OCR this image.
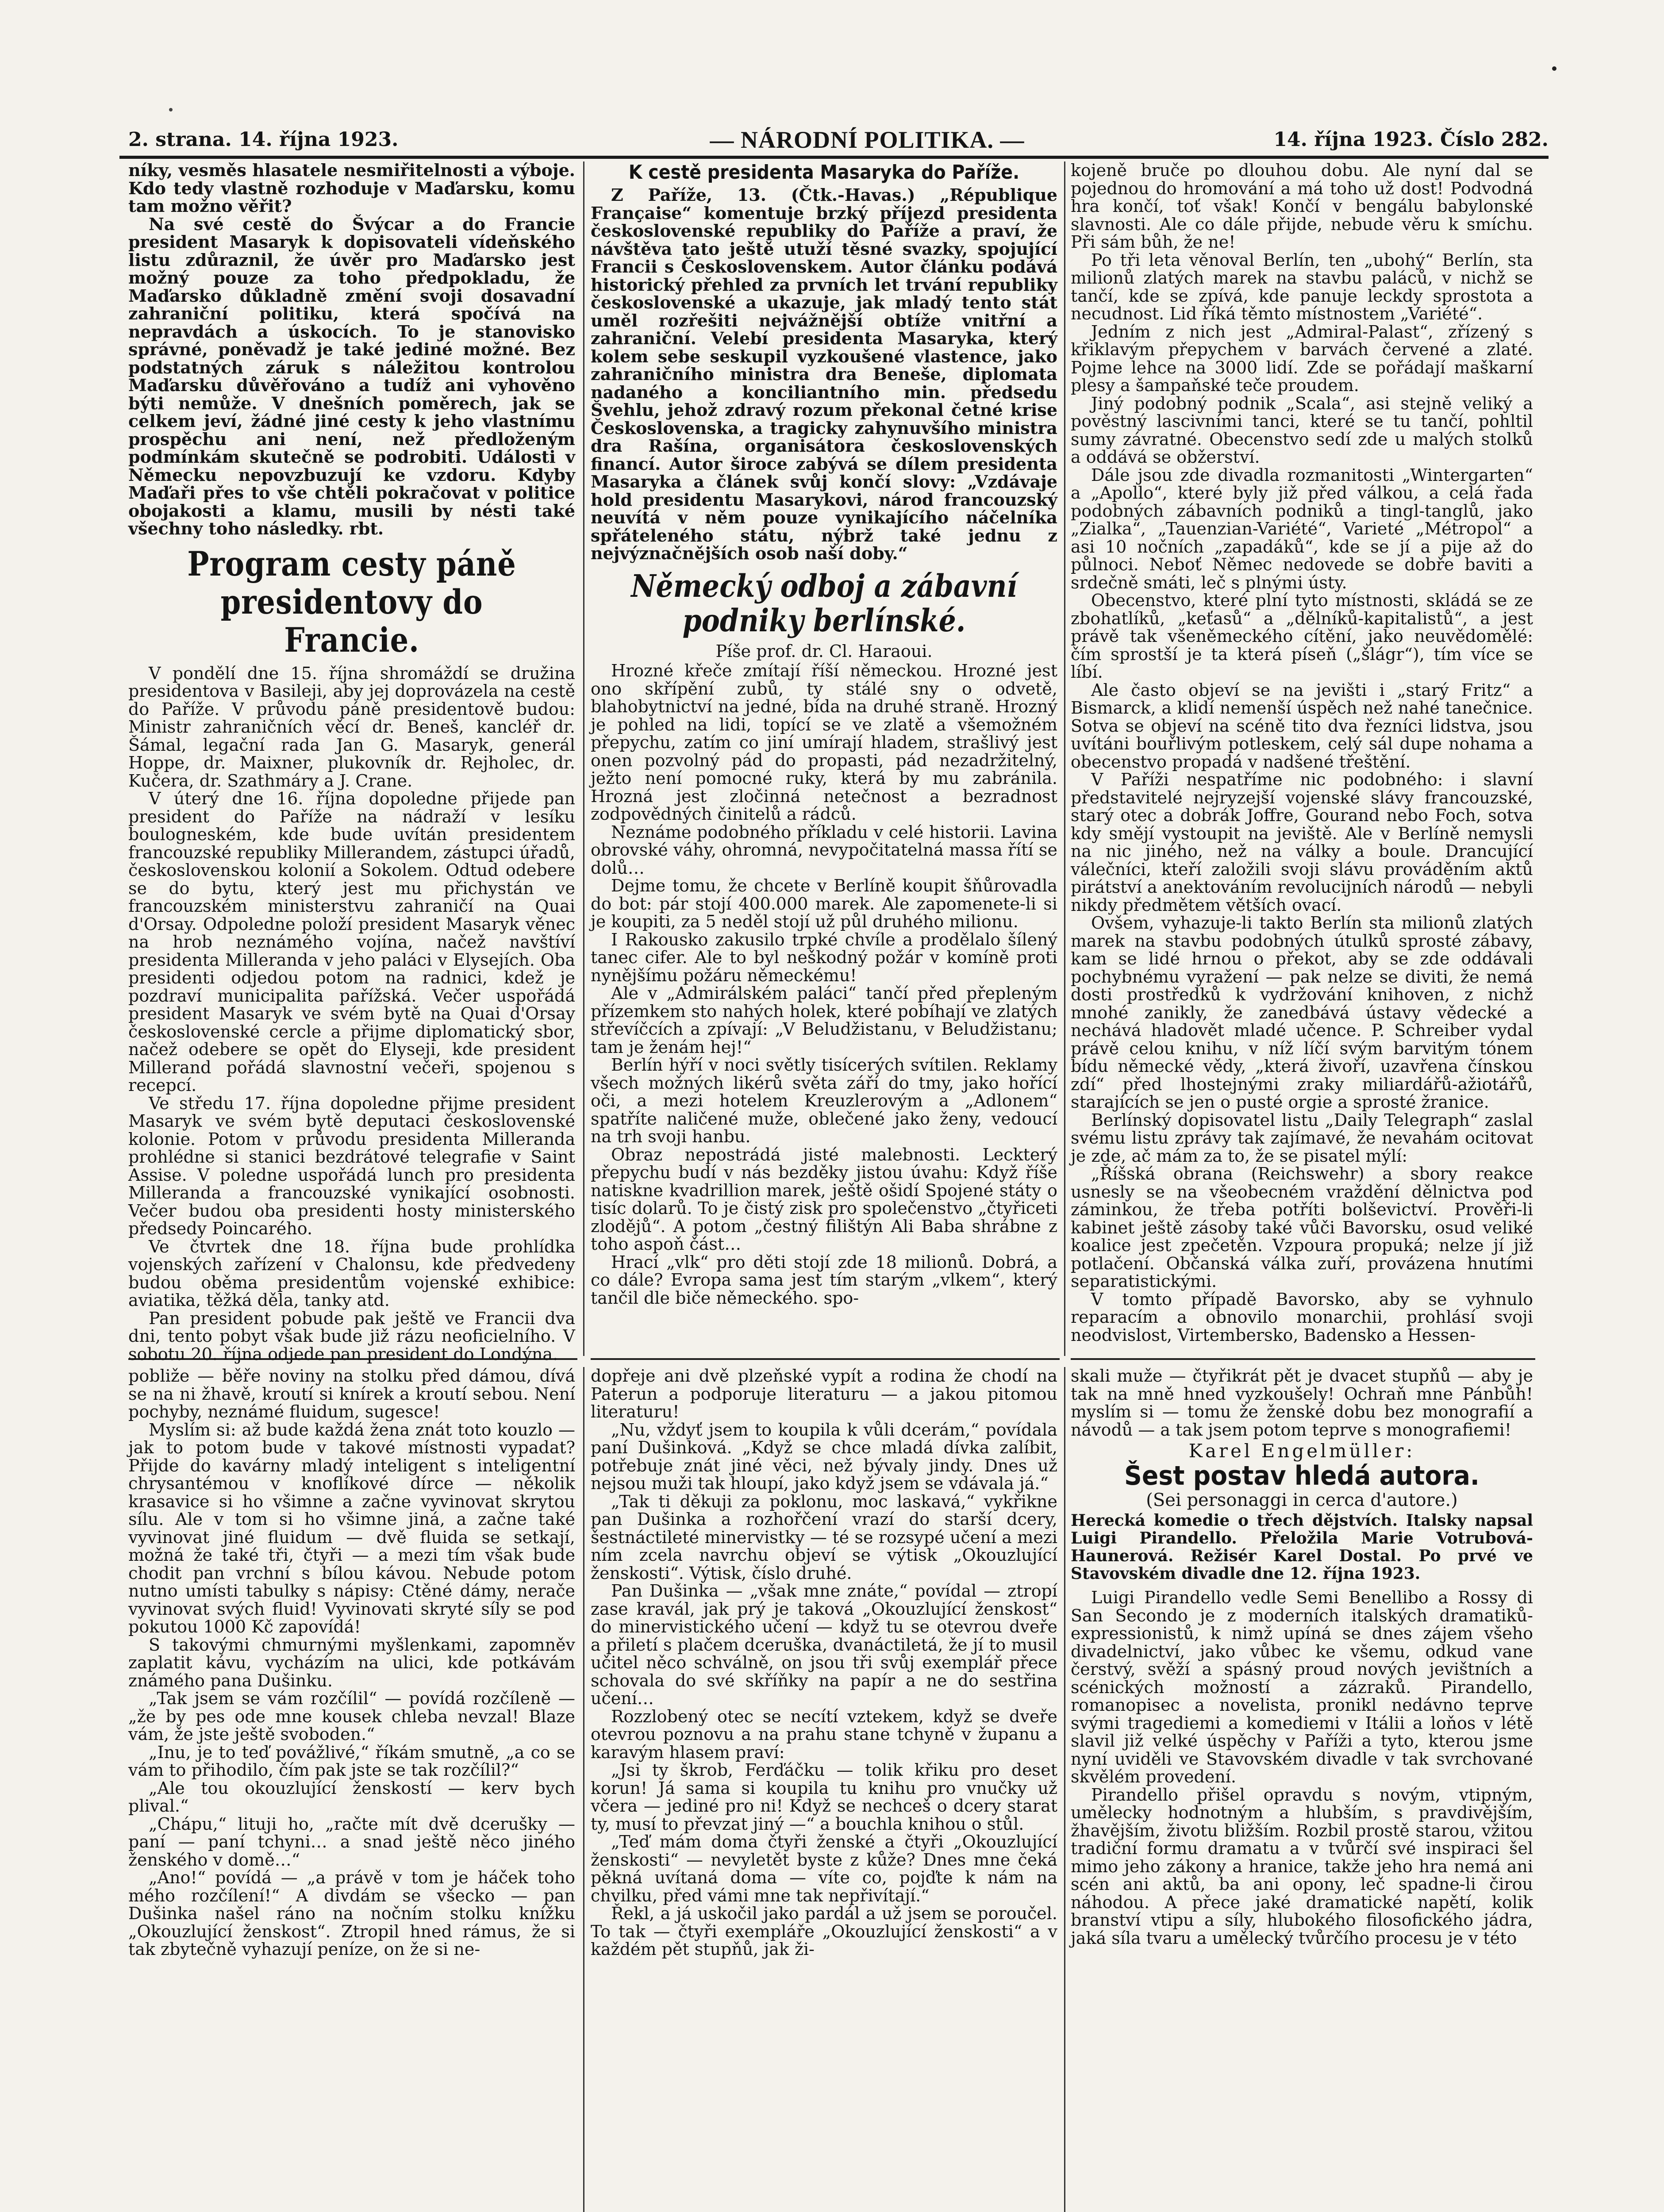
2. strana. 14. října 1923.	— NÁRODNÍ POLITIKA. —	14. října 1923. Číslo 282.

níky, vesměs hlasatele nesmiřitelnosti a výboje. Kdo tedy vlastně rozhoduje v Maďarsku, komu tam možno věřit?

Na své cestě do Švýcar a do Francie president Masaryk k dopisovateli vídeňského listu zdůraznil, že úvěr pro Maďarsko jest možný pouze za toho předpokladu, že Maďarsko důkladně změní svoji dosavadní zahraniční politiku, která spočívá na nepravdách a úskocích. To je stanovisko správné, poněvadž je také jediné možné. Bez podstatných záruk s náležitou kontrolou Maďarsku důvěřováno a tudíž ani vyhověno býti nemůže. V dnešních poměrech, jak se celkem jeví, žádné jiné cesty k jeho vlastnímu prospěchu ani není, než předloženým podmínkám skutečně se podrobiti. Události v Německu nepovzbuzují ke vzdoru. Kdyby Maďaři přes to vše chtěli pokračovat v politice obojakosti a klamu, musili by nésti také všechny toho následky. rbt.

Program cesty páně presidentovy do Francie.

V pondělí dne 15. října shromáždí se družina presidentova v Basileji, aby jej doprovázela na cestě do Paříže. V průvodu páně presidentově budou: Ministr zahraničních věcí dr. Beneš, kancléř dr. Šámal, legační rada Jan G. Masaryk, generál Hoppe, dr. Maixner, plukovník dr. Rejholec, dr. Kučera, dr. Szathmáry a J. Crane.

V úterý dne 16. října dopoledne přijede pan president do Paříže na nádraží v lesíku boulogneském, kde bude uvítán presidentem francouzské republiky Millerandem, zástupci úřadů, československou kolonií a Sokolem. Odtud odebere se do bytu, který jest mu přichystán ve francouzském ministerstvu zahraničí na Quai d'Orsay. Odpoledne položí president Masaryk věnec na hrob neznámého vojína, načež navštíví presidenta Millerandа v jeho paláci v Elysejích. Oba presidenti odjedou potom na radnici, kdež je pozdraví municipalita pařížská. Večer uspořádá president Masaryk ve svém bytě na Quai d'Orsay československé cercle a přijme diplomatický sbor, načež odebere se opět do Elyseji, kde president Millerand pořádá slavnostní večeři, spojenou s recepcí.

Ve středu 17. října dopoledne přijme president Masaryk ve svém bytě deputaci československé kolonie. Potom v průvodu presidenta Milleranda prohlédne si stanici bezdrátové telegrafie v Saint Assise. V poledne uspořádá lunch pro presidenta Milleranda a francouzské vynikající osobnosti. Večer budou oba presidenti hosty ministerského předsedy Poincarého.

Ve čtvrtek dne 18. října bude prohlídka vojenských zařízení v Chalonsu, kde předvedeny budou oběma presidentům vojenské exhibice: aviatika, těžká děla, tanky atd.

Pan president pobude pak ještě ve Francii dva dni, tento pobyt však bude již rázu neoficielního. V sobotu 20. října odjede pan president do Londýna.

K cestě presidenta Masaryka do Paříže.

Z Paříže, 13. (Čtk.-Havas.) „République Française“ komentuje brzký příjezd presidenta československé republiky do Paříže a praví, že návštěva tato ještě utuží těsné svazky, spojující Francii s Československem. Autor článku podává historický přehled za prvních let trvání republiky československé a ukazuje, jak mladý tento stát uměl rozřešiti nejvážnější obtíže vnitřní a zahraniční. Velebí presidenta Masaryka, který kolem sebe seskupil vyzkoušené vlastence, jako zahraničního ministra dra Beneše, diplomata nadaného a konciliantního min. předsedu Švehlu, jehož zdravý rozum překonal četné krise Československa, a tragicky zahynuvšího ministra dra Rašína, organisátora československých financí. Autor široce zabývá se dílem presidenta Masaryka a článek svůj končí slovy: „Vzdávaje hold presidentu Masarykovi, národ francouzský neuvítá v něm pouze vynikajícího náčelníka spřáteleného státu, nýbrž také jednu z nejvýznačnějších osob naší doby.“

Německý odboj a zábavní podniky berlínské.
Píše prof. dr. Cl. Haraoui.

Hrozné křeče zmítají říší německou. Hrozné jest ono skřípění zubů, ty stálé sny o odvetě, blahobytnictví na jedné, bída na druhé straně. Hrozný je pohled na lidi, topící se ve zlatě a všemožném přepychu, zatím co jiní umírají hladem, strašlivý jest onen pozvolný pád do propasti, pád nezadržitelný, ježto není pomocné ruky, která by mu zabránila. Hrozná jest zločinná netečnost a bezradnost zodpovědných činitelů a rádců.

Neznáme podobného příkladu v celé historii. Lavina obrovské váhy, ohromná, nevypočitatelná massa řítí se dolů…

Dejme tomu, že chcete v Berlíně koupit šňůrovadla do bot: pár stojí 400.000 marek. Ale zapomenete-li si je koupiti, za 5 neděl stojí už půl druhého milionu.

I Rakousko zakusilo trpké chvíle a prodělalo šílený tanec cifer. Ale to byl neškodný požár v komíně proti nynějšímu požáru německému!

Ale v „Admirálském paláci“ tančí před přepleným přízemkem sto nahých holek, které pobíhají ve zlatých střevíčcích a zpívají: „V Beludžistanu, v Beludžistanu; tam je ženám hej!“

Berlín hýří v noci světly tisícerých svítilen. Reklamy všech možných likérů světa září do tmy, jako hořící oči, a mezi hotelem Kreuzlerovým a „Adlonem“ spatříte naličené muže, oblečené jako ženy, vedoucí na trh svoji hanbu.

Obraz nepostrádá jisté malebnosti. Leckterý přepychu budí v nás bezděky jistou úvahu: Když říše natiskne kvadrillion marek, ještě ošidí Spojené státy o tisíc dolarů. To je čistý zisk pro společenstvo „čtyřiceti zlodějů“. A potom „čestný filištýn Ali Baba shrábne z toho aspoň část…

Hrací „vlk“ pro děti stojí zde 18 milionů. Dobrá, a co dále? Evropa sama jest tím starým „vlkem“, který tančil dle biče německého. spo-

kojeně bruče po dlouhou dobu. Ale nyní dal se pojednou do hromování a má toho už dost! Podvodná hra končí, toť však! Končí v bengálu babylonské slavnosti. Ale co dále přijde, nebude věru k smíchu. Při sám bůh, že ne!

Po tři leta věnoval Berlín, ten „ubohý“ Berlín, sta milionů zlatých marek na stavbu paláců, v nichž se tančí, kde se zpívá, kde panuje leckdy sprostota a necudnost. Lid říká těmto místnostem „Variété“.

Jedním z nich jest „Admiral-Palast“, zřízený s křiklavým přepychem v barvách červené a zlaté. Pojme lehce na 3000 lidí. Zde se pořádají maškarní plesy a šampaňské teče proudem.

Jiný podobný podnik „Scala“, asi stejně veliký a pověstný lascivními tanci, které se tu tančí, pohltil sumy závratné. Obecenstvo sedí zde u malých stolků a oddává se obžerství.

Dále jsou zde divadla rozmanitosti „Wintergarten“ a „Apollo“, které byly již před válkou, a celá řada podobných zábavních podniků a tingl-tanglů, jako „Zialka“, „Tauenzian-Variété“, Varieté „Métropol“ a asi 10 nočních „zapadáků“, kde se jí a pije až do půlnoci. Neboť Němec nedovede se dobře baviti a srdečně smáti, leč s plnými ústy.

Obecenstvo, které plní tyto místnosti, skládá se ze zbohatlíků, „keťasů“ a „dělníků-kapitalistů“, a jest právě tak všeněmeckého cítění, jako neuvědomělé: čím sprostší je ta která píseň („šlágr“), tím více se líbí.

Ale často objeví se na jevišti i „starý Fritz“ a Bismarck, a klidí nemenší úspěch než nahé tanečnice. Sotva se objeví na scéně tito dva řezníci lidstva, jsou uvítáni bouřlivým potleskem, celý sál dupe nohama a obecenstvo propadá v nadšené třeštění.

V Paříži nespatříme nic podobného: i slavní představitelé nejryzejší vojenské slávy francouzské, starý otec a dobrák Joffre, Gourand nebo Foch, sotva kdy smějí vystoupit na jeviště. Ale v Berlíně nemysli na nic jiného, než na války a boule. Drancující válečníci, kteří založili svoji slávu prováděním aktů pirátství a anektováním revolucijních národů — nebyli nikdy předmětem větších ovací.

Ovšem, vyhazuje-li takto Berlín sta milionů zlatých marek na stavbu podobných útulků sprosté zábavy, kam se lidé hrnou o překot, aby se zde oddávali pochybnému vyražení — pak nelze se diviti, že nemá dosti prostředků k vydržování knihoven, z nichž mnohé zanikly, že zanedbává ústavy vědecké a nechává hladovět mladé učence. P. Schreiber vydal právě celou knihu, v níž líčí svým barvitým tónem bídu německé vědy, „která živoří, uzavřena čínskou zdí“ před lhostejnými zraky miliardářů-ažiotářů, starajících se jen o pusté orgie a sprosté žranice.

Berlínský dopisovatel listu „Daily Telegraph“ zaslal svému listu zprávy tak zajímavé, že nevahám ocitovat je zde, ač mám za to, že se pisatel mýlí:

„Říšská obrana (Reichswehr) a sbory reakce usnesly se na všeobecném vraždění dělnictva pod záminkou, že třeba potříti bolševictví. Prověři-li kabinet ještě zásoby také vůči Bavorsku, osud veliké koalice jest zpečetěn. Vzpoura propuká; nelze jí již potlačení. Občanská válka zuří, provázena hnutími separatistickými.

V tomto případě Bavorsko, aby se vyhnulo reparacím a obnovilo monarchii, prohlásí svoji neodvislost, Virtembersko, Badensko a Hessen-

pobliže — běře noviny na stolku před dámou, dívá se na ni žhavě, kroutí si knírek a kroutí sebou. Není pochyby, neznámé fluidum, sugesce!

Myslím si: až bude každá žena znát toto kouzlo — jak to potom bude v takové místnosti vypadat? Přijde do kavárny mladý inteligent s inteligentní chrysantémou v knoflíkové dírce — několik krasavice si ho všimne a začne vyvinovat skrytou sílu. Ale v tom si ho všimne jiná, a začne také vyvinovat jiné fluidum — dvě fluida se setkají, možná že také tři, čtyři — a mezi tím však bude chodit pan vrchní s bílou kávou. Nebude potom nutno umísti tabulky s nápisy: Ctěné dámy, nerače vyvinovat svých fluid! Vyvinovati skryté síly se pod pokutou 1000 Kč zapovídá!

S takovými chmurnými myšlenkami, zapomněv zaplatit kávu, vycházím na ulici, kde potkávám známého pana Dušinku.

„Tak jsem se vám rozčílil“ — povídá rozčíleně — „že by pes ode mne kousek chleba nevzal! Blaze vám, že jste ještě svoboden.“

„Inu, je to teď povážlivé,“ říkám smutně, „a co se vám to přihodilo, čím pak jste se tak rozčílil?“

„Ale tou okouzlující ženskostí — kerv bych plival.“

„Chápu,“ lituji ho, „račte mít dvě dcerušky — paní — paní tchyni… a snad ještě něco jiného ženského v domě…“

„Ano!“ povídá — „a právě v tom je háček toho mého rozčílení!“ A divdám se všecko — pan Dušinka našel ráno na nočním stolku knížku „Okouzlující ženskost“. Ztropil hned rámus, že si tak zbytečně vyhazují peníze, on že si ne-

dopřeje ani dvě plzeňské vypít a rodina že chodí na Paterun a podporuje literaturu — a jakou pitomou literaturu!

„Nu, vždyť jsem to koupila k vůli dcerám,“ povídala paní Dušinková. „Když se chce mladá dívka zalíbit, potřebuje znát jiné věci, než bývaly jindy. Dnes už nejsou muži tak hloupí, jako když jsem se vdávala já.“

„Tak ti děkuji za poklonu, moc laskavá,“ vykřikne pan Dušinka a rozhořčení vrazí do starší dcery, šestnáctileté minervistky — té se rozsypé učení a mezi ním zcela navrchu objeví se výtisk „Okouzlující ženskosti“. Výtisk, číslo druhé.

Pan Dušinka — „však mne znáte,“ povídal — ztropí zase kravál, jak prý je taková „Okouzlující ženskost“ do minervistického učení — když tu se otevrou dveře a přiletí s plačem dceruška, dvanáctiletá, že jí to musil učitel něco schválně, on jsou tři svůj exemplář přece schovala do své skříňky na papír a ne do sestřina učení…

Rozzlobený otec se necítí vztekem, když se dveře otevrou poznovu a na prahu stane tchyně v županu a karavým hlasem praví:

„Jsi ty škrob, Ferďáčku — tolik křiku pro deset korun! Já sama si koupila tu knihu pro vnučky už včera — jediné pro ni! Když se nechceš o dcery starat ty, musí to převzat jiný —“ a bouchla knihou o stůl.

„Teď mám doma čtyři ženské a čtyři „Okouzlující ženskosti“ — nevyletět byste z kůže? Dnes mne čeká pěkná uvítaná doma — víte co, pojďte k nám na chvilku, před vámi mne tak nepřivítají.“

Řekl, a já uskočil jako pardál a už jsem se poroučel. To tak — čtyři exempláře „Okouzlující ženskosti“ a v každém pět stupňů, jak ži-

skali muže — čtyřikrát pět je dvacet stupňů — aby je tak na mně hned vyzkoušely! Ochraň mne Pánbůh! myslím si — tomu že ženské dobu bez monografií a návodů — a tak jsem potom teprve s monografiemi!

Karel Engelmüller:
Šest postav hledá autora.
(Sei personaggi in cerca d'autore.)
Herecká komedie o třech dějstvích. Italsky napsal Luigi Pirandello. Přeložila Marie Votrubová-Haunerová. Režisér Karel Dostal. Po prvé ve Stavovském divadle dne 12. října 1923.

Luigi Pirandello vedle Semi Benellibo a Rossy di San Secondo je z moderních italských dramatiků-expressionistů, k nimž upíná se dnes zájem všeho divadelnictví, jako vůbec ke všemu, odkud vane čerstvý, svěží a spásný proud nových jevištních a scénických možností a zázraků. Pirandello, romanopisec a novelista, pronikl nedávno teprve svými tragediemi a komediemi v Itálii a loňos v létě slavil již velké úspěchy v Paříži a tyto, kterou jsme nyní uviděli ve Stavovském divadle v tak svrchované skvělém provedení.

Pirandello přišel opravdu s novým, vtipným, umělecky hodnotným a hlubším, s pravdivějším, žhavějším, životu bližším. Rozbil prostě starou, vžitou tradiční formu dramatu a v tvůrčí své inspiraci šel mimo jeho zákony a hranice, takže jeho hra nemá ani scén ani aktů, ba ani opony, leč spadne-li čirou náhodou. A přece jaké dramatické napětí, kolik branství vtipu a síly, hlubokého filosofického jádra, jaká síla tvaru a umělecký tvůrčího procesu je v této
